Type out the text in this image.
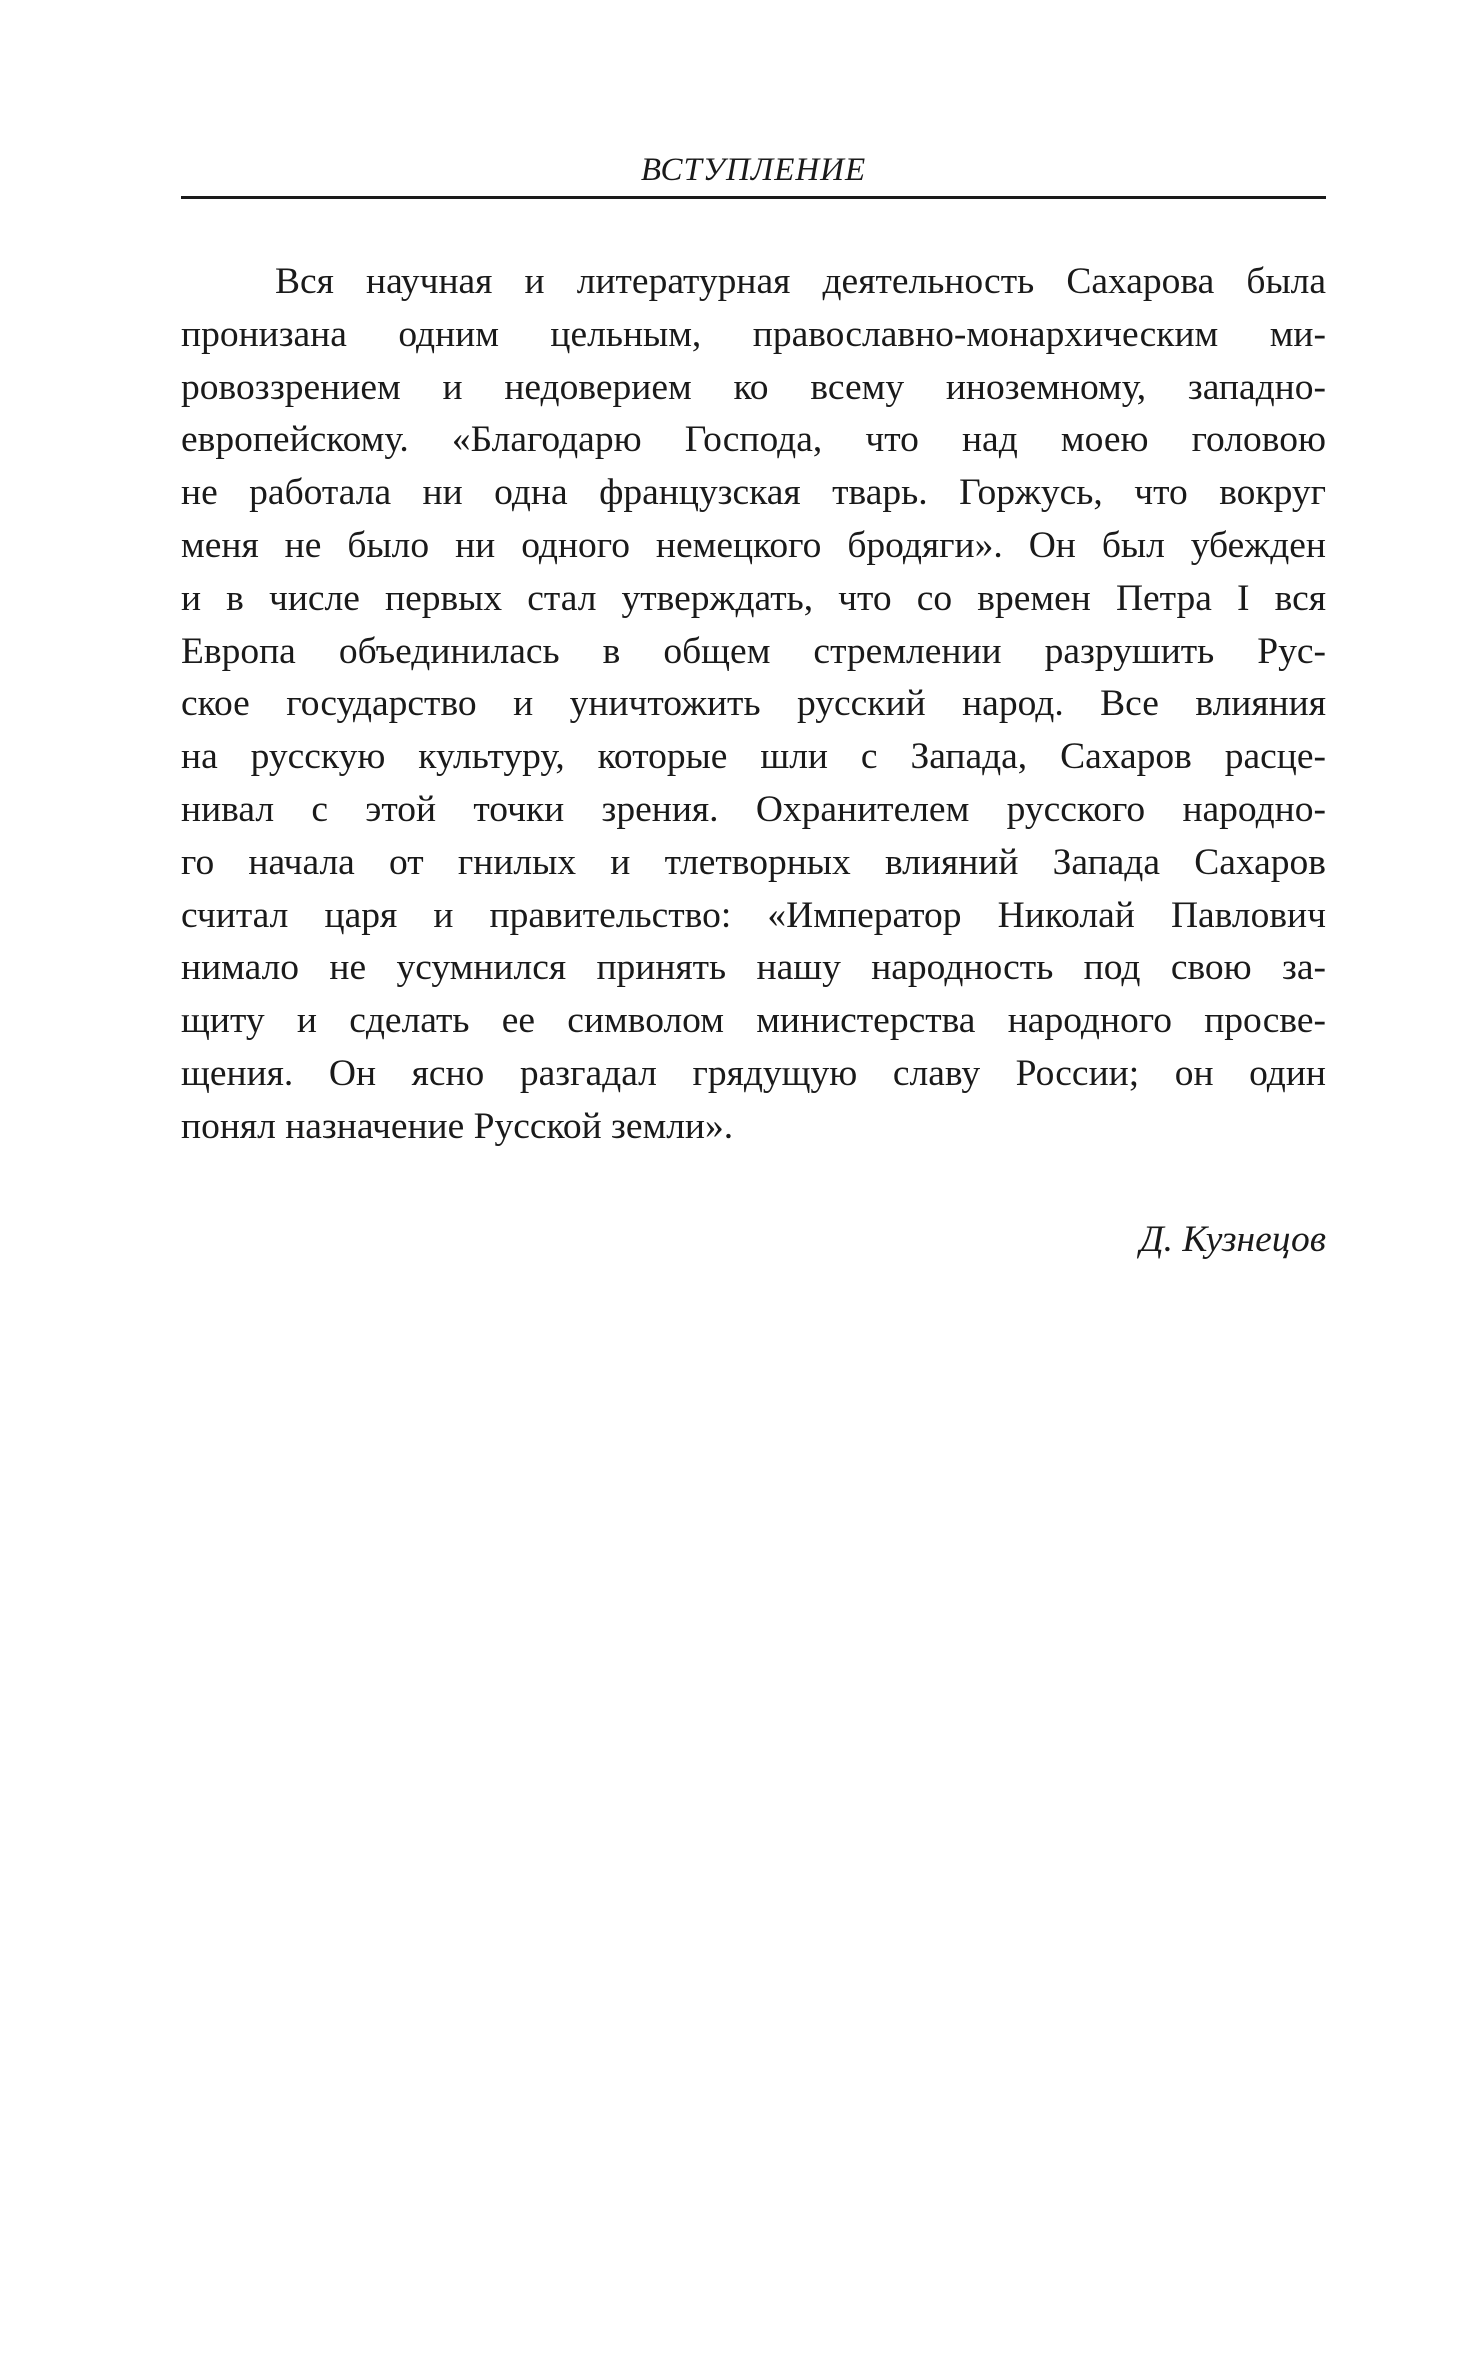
ВСТУПЛЕНИЕ
Вся научная и литературная деятельность Сахарова была
пронизана одним цельным, православно-монархическим ми-
ровоззрением и недоверием ко всему иноземному, западно-
европейскому. «Благодарю Господа, что над моею головою
не работала ни одна французская тварь. Горжусь, что вокруг
меня не было ни одного немецкого бродяги». Он был убежден
и в числе первых стал утверждать, что со времен Петра I вся
Европа объединилась в общем стремлении разрушить Рус-
ское государство и уничтожить русский народ. Все влияния
на русскую культуру, которые шли с Запада, Сахаров расце-
нивал с этой точки зрения. Охранителем русского народно-
го начала от гнилых и тлетворных влияний Запада Сахаров
считал царя и правительство: «Император Николай Павлович
нимало не усумнился принять нашу народность под свою за-
щиту и сделать ее символом министерства народного просве-
щения. Он ясно разгадал грядущую славу России; он один
понял назначение Русской земли».
Д. Кузнецов
